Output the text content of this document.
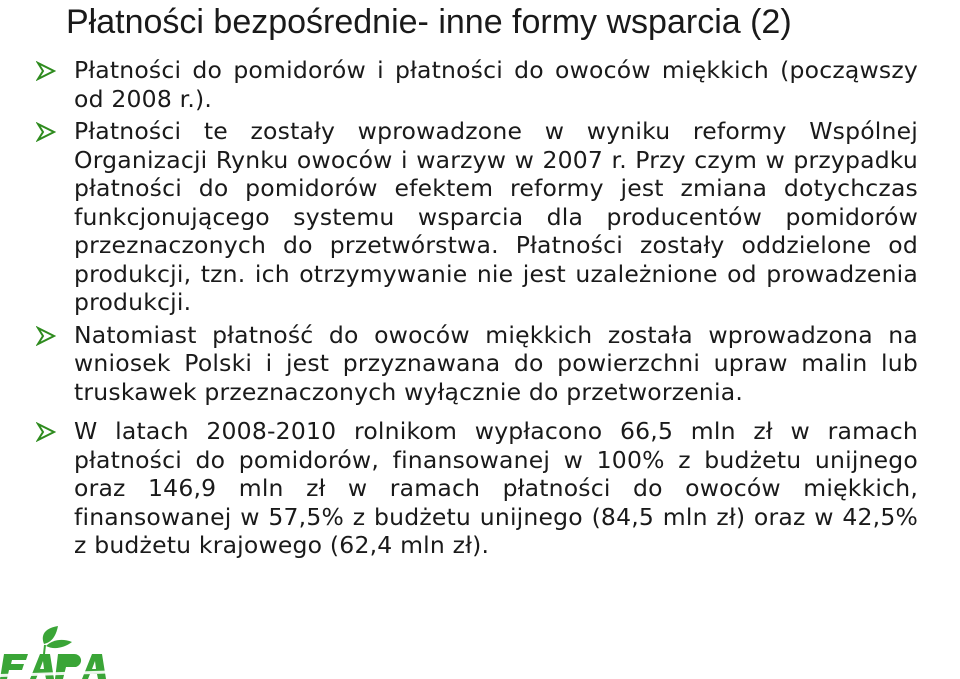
Płatności bezpośrednie- inne formy wsparcia (2)
Płatności do pomidorów i płatności do owoców miękkich (począwszy od 2008 r.).
Płatności te zostały wprowadzone w wyniku reformy Wspólnej Organizacji Rynku owoców i warzyw w 2007 r. Przy czym w przypadku płatności do pomidorów efektem reformy jest zmiana dotychczas funkcjonującego systemu wsparcia dla producentów pomidorów przeznaczonych do przetwórstwa. Płatności zostały oddzielone od produkcji, tzn. ich otrzymywanie nie jest uzależnione od prowadzenia produkcji.
Natomiast płatność do owoców miękkich została wprowadzona na wniosek Polski i jest przyznawana do powierzchni upraw malin lub truskawek przeznaczonych wyłącznie do przetworzenia.
W latach 2008-2010 rolnikom wypłacono 66,5 mln zł w ramach płatności do pomidorów, finansowanej w 100% z budżetu unijnego oraz 146,9 mln zł w ramach płatności do owoców miękkich, finansowanej w 57,5% z budżetu unijnego (84,5 mln zł) oraz w 42,5% z budżetu krajowego (62,4 mln zł).
